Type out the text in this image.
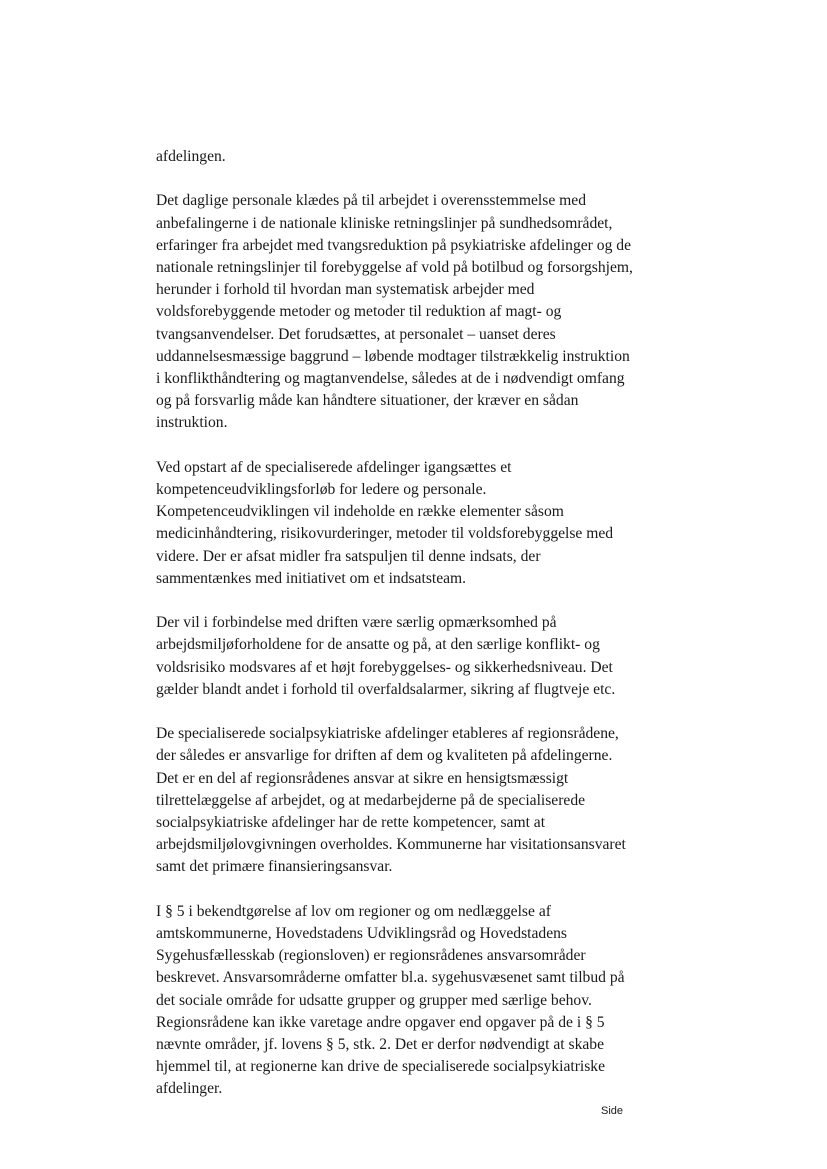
afdelingen.

Det daglige personale klædes på til arbejdet i overensstemmelse med
anbefalingerne i de nationale kliniske retningslinjer på sundhedsområdet,
erfaringer fra arbejdet med tvangsreduktion på psykiatriske afdelinger og de
nationale retningslinjer til forebyggelse af vold på botilbud og forsorgshjem,
herunder i forhold til hvordan man systematisk arbejder med
voldsforebyggende metoder og metoder til reduktion af magt- og
tvangsanvendelser. Det forudsættes, at personalet – uanset deres
uddannelsesmæssige baggrund – løbende modtager tilstrækkelig instruktion
i konflikthåndtering og magtanvendelse, således at de i nødvendigt omfang
og på forsvarlig måde kan håndtere situationer, der kræver en sådan
instruktion.

Ved opstart af de specialiserede afdelinger igangsættes et
kompetenceudviklingsforløb for ledere og personale.
Kompetenceudviklingen vil indeholde en række elementer såsom
medicinhåndtering, risikovurderinger, metoder til voldsforebyggelse med
videre. Der er afsat midler fra satspuljen til denne indsats, der
sammentænkes med initiativet om et indsatsteam.

Der vil i forbindelse med driften være særlig opmærksomhed på
arbejdsmiljøforholdene for de ansatte og på, at den særlige konflikt- og
voldsrisiko modsvares af et højt forebyggelses- og sikkerhedsniveau. Det
gælder blandt andet i forhold til overfaldsalarmer, sikring af flugtveje etc.

De specialiserede socialpsykiatriske afdelinger etableres af regionsrådene,
der således er ansvarlige for driften af dem og kvaliteten på afdelingerne.
Det er en del af regionsrådenes ansvar at sikre en hensigtsmæssigt
tilrettelæggelse af arbejdet, og at medarbejderne på de specialiserede
socialpsykiatriske afdelinger har de rette kompetencer, samt at
arbejdsmiljølovgivningen overholdes. Kommunerne har visitationsansvaret
samt det primære finansieringsansvar.

I § 5 i bekendtgørelse af lov om regioner og om nedlæggelse af
amtskommunerne, Hovedstadens Udviklingsråd og Hovedstadens
Sygehusfællesskab (regionsloven) er regionsrådenes ansvarsområder
beskrevet. Ansvarsområderne omfatter bl.a. sygehusvæsenet samt tilbud på
det sociale område for udsatte grupper og grupper med særlige behov.
Regionsrådene kan ikke varetage andre opgaver end opgaver på de i § 5
nævnte områder, jf. lovens § 5, stk. 2. Det er derfor nødvendigt at skabe
hjemmel til, at regionerne kan drive de specialiserede socialpsykiatriske
afdelinger.

Side
